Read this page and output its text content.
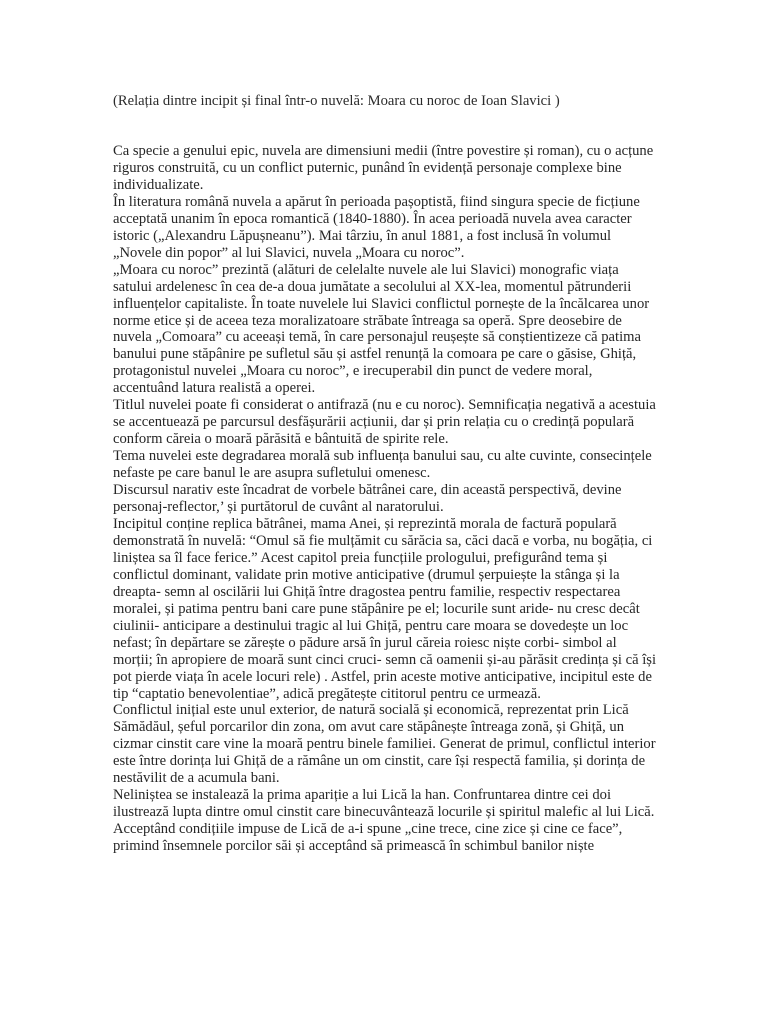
(Relația dintre incipit și final într-o nuvelă: Moara cu noroc de Ioan Slavici )

Ca specie a genului epic, nuvela are dimensiuni medii (între povestire și roman), cu o acțune riguros construită, cu un conflict puternic, punând în evidență personaje complexe bine individualizate.

În literatura română nuvela a apărut în perioada pașoptistă, fiind singura specie de ficțiune acceptată unanim în epoca romantică (1840-1880). În acea perioadă nuvela avea caracter istoric („Alexandru Lăpușneanu”). Mai târziu, în anul 1881, a fost inclusă în volumul „Novele din popor” al lui Slavici, nuvela „Moara cu noroc”.

„Moara cu noroc” prezintă (alături de celelalte nuvele ale lui Slavici) monografic viața satului ardelenesc în cea de-a doua jumătate a secolului al XX-lea, momentul pătrunderii influențelor capitaliste. În toate nuvelele lui Slavici conflictul pornește de la încălcarea unor norme etice și de aceea teza moralizatoare străbate întreaga sa operă. Spre deosebire de nuvela „Comoara” cu aceeași temă, în care personajul reușește să conștientizeze că patima banului pune stăpânire pe sufletul său și astfel renunță la comoara pe care o găsise, Ghiță, protagonistul nuvelei „Moara cu noroc”, e irecuperabil din punct de vedere moral, accentuând latura realistă a operei.

Titlul nuvelei poate fi considerat o antifrază (nu e cu noroc). Semnificația negativă a acestuia se accentuează pe parcursul desfășurării acțiunii, dar și prin relația cu o credință populară conform căreia o moară părăsită e bântuită de spirite rele.

Tema nuvelei este degradarea morală sub influența banului sau, cu alte cuvinte, consecințele nefaste pe care banul le are asupra sufletului omenesc.

Discursul narativ este încadrat de vorbele bătrânei care, din această perspectivă, devine personaj-reflector,’ și purtătorul de cuvânt al naratorului.

Incipitul conține replica bătrânei, mama Anei, și reprezintă morala de factură populară demonstrată în nuvelă: “Omul să fie mulțămit cu sărăcia sa, căci dacă e vorba, nu bogăția, ci liniștea sa îl face ferice.” Acest capitol preia funcțiile prologului, prefigurând tema și conflictul dominant, validate prin motive anticipative (drumul șerpuiește la stânga și la dreapta- semn al oscilării lui Ghiță între dragostea pentru familie, respectiv respectarea moralei, și patima pentru bani care pune stăpânire pe el; locurile sunt aride- nu cresc decât ciulinii- anticipare a destinului tragic al lui Ghiță, pentru care moara se dovedește un loc nefast; în depărtare se zărește o pădure arsă în jurul căreia roiesc niște corbi- simbol al morții; în apropiere de moară sunt cinci cruci- semn că oamenii și-au părăsit credința și că își pot pierde viața în acele locuri rele) . Astfel, prin aceste motive anticipative, incipitul este de tip “captatio benevolentiae”, adică pregătește cititorul pentru ce urmează.

Conflictul inițial este unul exterior, de natură socială și economică, reprezentat prin Lică Sămădăul, șeful porcarilor din zona, om avut care stăpânește întreaga zonă, și Ghiță, un cizmar cinstit care vine la moară pentru binele familiei. Generat de primul, conflictul interior este între dorința lui Ghiță de a rămâne un om cinstit, care își respectă familia, și dorința de nestăvilit de a acumula bani.

Neliniștea se instalează la prima apariție a lui Lică la han. Confruntarea dintre cei doi ilustrează lupta dintre omul cinstit care binecuvântează locurile și spiritul malefic al lui Lică. Acceptând condițiile impuse de Lică de a-i spune „cine trece, cine zice și cine ce face”, primind însemnele porcilor săi și acceptând să primească în schimbul banilor niște
